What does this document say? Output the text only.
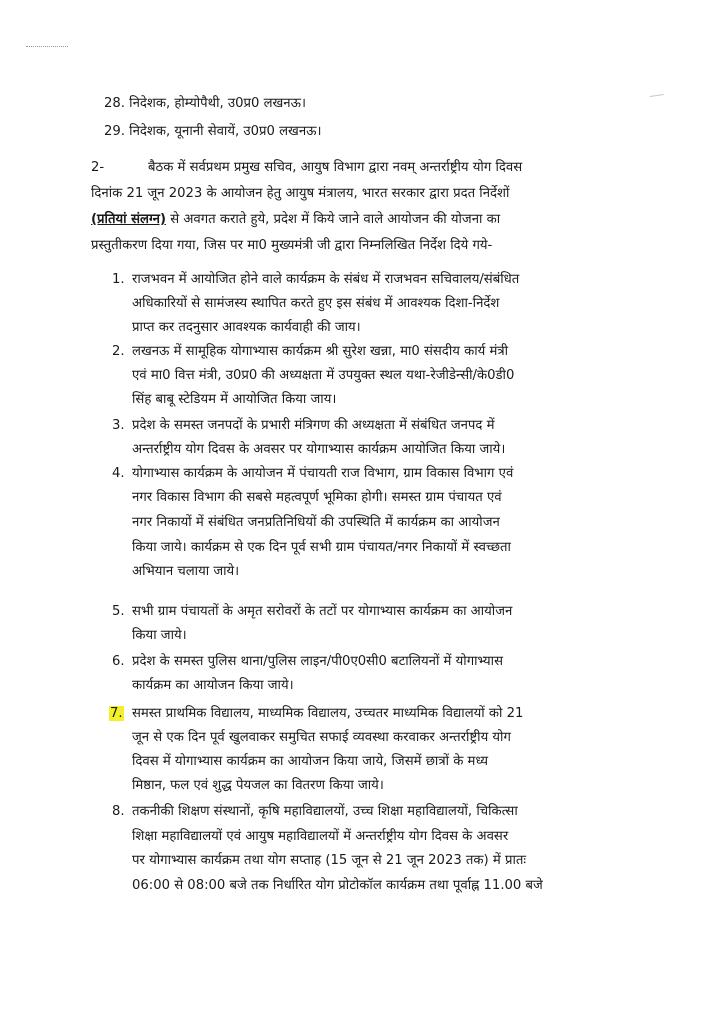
28. निदेशक, होम्योपैथी, उ0प्र0 लखनऊ।
29. निदेशक, यूनानी सेवायें, उ0प्र0 लखनऊ।
2-	बैठक में सर्वप्रथम प्रमुख सचिव, आयुष विभाग द्वारा नवम् अन्तर्राष्ट्रीय योग दिवस
दिनांक 21 जून 2023 के आयोजन हेतु आयुष मंत्रालय, भारत सरकार द्वारा प्रदत निर्देशों
(प्रतियां संलग्न) से अवगत कराते हुये, प्रदेश में किये जाने वाले आयोजन की योजना का
प्रस्तुतीकरण दिया गया, जिस पर मा0 मुख्यमंत्री जी द्वारा निम्नलिखित निर्देश दिये गये-
1. राजभवन में आयोजित होने वाले कार्यक्रम के संबंध में राजभवन सचिवालय/संबंधित
अधिकारियों से सामंजस्य स्थापित करते हुए इस संबंध में आवश्यक दिशा-निर्देश
प्राप्त कर तदनुसार आवश्यक कार्यवाही की जाय।
2. लखनऊ में सामूहिक योगाभ्यास कार्यक्रम श्री सुरेश खन्ना, मा0 संसदीय कार्य मंत्री
एवं मा0 वित्त मंत्री, उ0प्र0 की अध्यक्षता में उपयुक्त स्थल यथा-रेजीडेन्सी/के0डी0
सिंह बाबू स्टेडियम में आयोजित किया जाय।
3. प्रदेश के समस्त जनपदों के प्रभारी मंत्रिगण की अध्यक्षता में संबंधित जनपद में
अन्तर्राष्ट्रीय योग दिवस के अवसर पर योगाभ्यास कार्यक्रम आयोजित किया जाये।
4. योगाभ्यास कार्यक्रम के आयोजन में पंचायती राज विभाग, ग्राम विकास विभाग एवं
नगर विकास विभाग की सबसे महत्वपूर्ण भूमिका होगी। समस्त ग्राम पंचायत एवं
नगर निकायों में संबंधित जनप्रतिनिधियों की उपस्थिति में कार्यक्रम का आयोजन
किया जाये। कार्यक्रम से एक दिन पूर्व सभी ग्राम पंचायत/नगर निकायों में स्वच्छता
अभियान चलाया जाये।
5. सभी ग्राम पंचायतों के अमृत सरोवरों के तटों पर योगाभ्यास कार्यक्रम का आयोजन
किया जाये।
6. प्रदेश के समस्त पुलिस थाना/पुलिस लाइन/पी0ए0सी0 बटालियनों में योगाभ्यास
कार्यक्रम का आयोजन किया जाये।
7. समस्त प्राथमिक विद्यालय, माध्यमिक विद्यालय, उच्चतर माध्यमिक विद्यालयों को 21
जून से एक दिन पूर्व खुलवाकर समुचित सफाई व्यवस्था करवाकर अन्तर्राष्ट्रीय योग
दिवस में योगाभ्यास कार्यक्रम का आयोजन किया जाये, जिसमें छात्रों के मध्य
मिष्ठान, फल एवं शुद्ध पेयजल का वितरण किया जाये।
8. तकनीकी शिक्षण संस्थानों, कृषि महाविद्यालयों, उच्च शिक्षा महाविद्यालयों, चिकित्सा
शिक्षा महाविद्यालयों एवं आयुष महाविद्यालयों में अन्तर्राष्ट्रीय योग दिवस के अवसर
पर योगाभ्यास कार्यक्रम तथा योग सप्ताह (15 जून से 21 जून 2023 तक) में प्रातः
06:00 से 08:00 बजे तक निर्धारित योग प्रोटोकॉल कार्यक्रम तथा पूर्वाह्न 11.00 बजे
